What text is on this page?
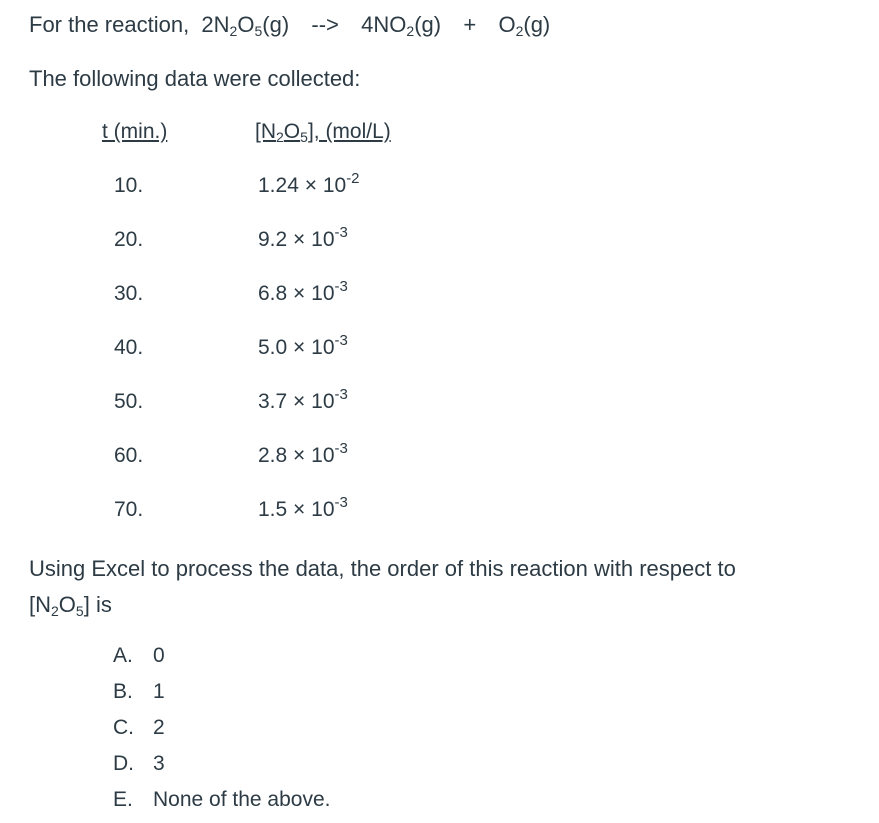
For the reaction, $2N_2O_5(g)$ --> $4NO_2(g) + O_2(g)$
The following data were collected:
t (min.)	$[N_2O_5]$, (mol/L)
10.	$1.24 \times 10^{-2}$
20.	$9.2 \times 10^{-3}$
30.	$6.8 \times 10^{-3}$
40.	$5.0 \times 10^{-3}$
50.	$3.7 \times 10^{-3}$
60.	$2.8 \times 10^{-3}$
70.	$1.5 \times 10^{-3}$
Using Excel to process the data, the order of this reaction with respect to
$[N_2O_5]$ is
A. 0
B. 1
C. 2
D. 3
E. None of the above.
